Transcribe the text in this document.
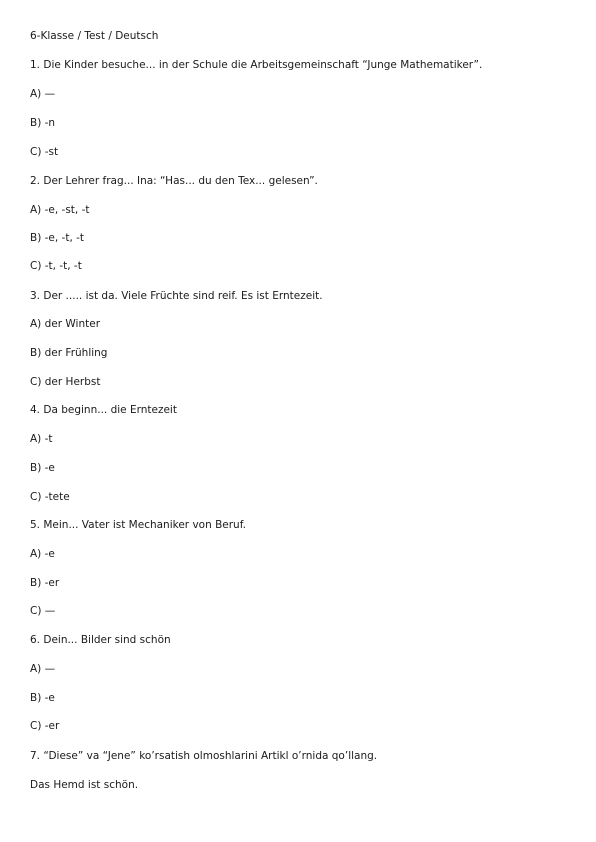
6-Klasse / Test / Deutsch
1. Die Kinder besuche... in der Schule die Arbeitsgemeinschaft “Junge Mathematiker”.
A) —
B) -n
C) -st
2. Der Lehrer frag... Ina: “Has... du den Tex... gelesen”.
A) -e, -st, -t
B) -e, -t, -t
C) -t, -t, -t
3. Der ..... ist da. Viele Früchte sind reif. Es ist Erntezeit.
A) der Winter
B) der Frühling
C) der Herbst
4. Da beginn... die Erntezeit
A) -t
B) -e
C) -tete
5. Mein... Vater ist Mechaniker von Beruf.
A) -e
B) -er
C) —
6. Dein... Bilder sind schön
A) —
B) -e
C) -er
7. “Diese” va “Jene” ko’rsatish olmoshlarini Artikl o’rnida qo’llang.
Das Hemd ist schön.
